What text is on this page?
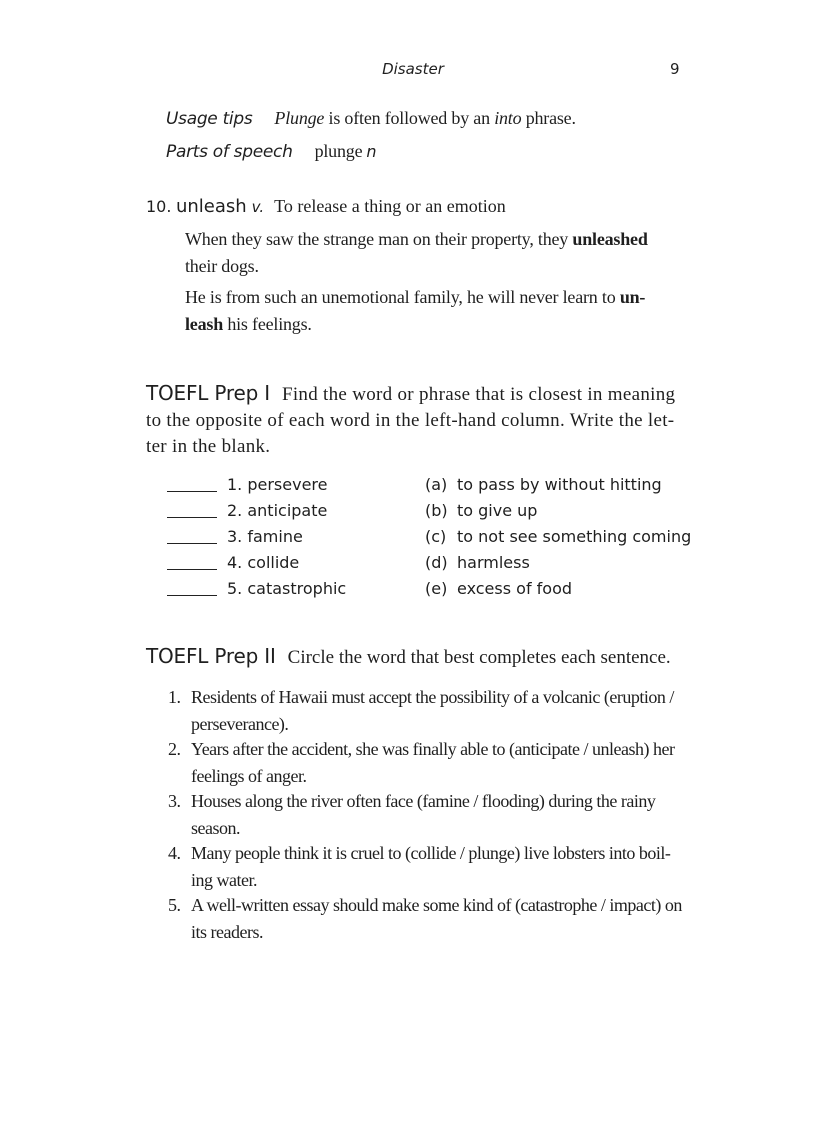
Disaster	9
Usage tips Plunge is often followed by an into phrase.
Parts of speech plunge n
10. unleash v. To release a thing or an emotion
When they saw the strange man on their property, they unleashed their dogs.
He is from such an unemotional family, he will never learn to un-leash his feelings.
TOEFL Prep I Find the word or phrase that is closest in meaning to the opposite of each word in the left-hand column. Write the let-ter in the blank.
1. persevere	(a) to pass by without hitting
2. anticipate	(b) to give up
3. famine	(c) to not see something coming
4. collide	(d) harmless
5. catastrophic	(e) excess of food
TOEFL Prep II Circle the word that best completes each sentence.
1. Residents of Hawaii must accept the possibility of a volcanic (eruption / perseverance).
2. Years after the accident, she was finally able to (anticipate / unleash) her feelings of anger.
3. Houses along the river often face (famine / flooding) during the rainy season.
4. Many people think it is cruel to (collide / plunge) live lobsters into boil-ing water.
5. A well-written essay should make some kind of (catastrophe / impact) on its readers.
